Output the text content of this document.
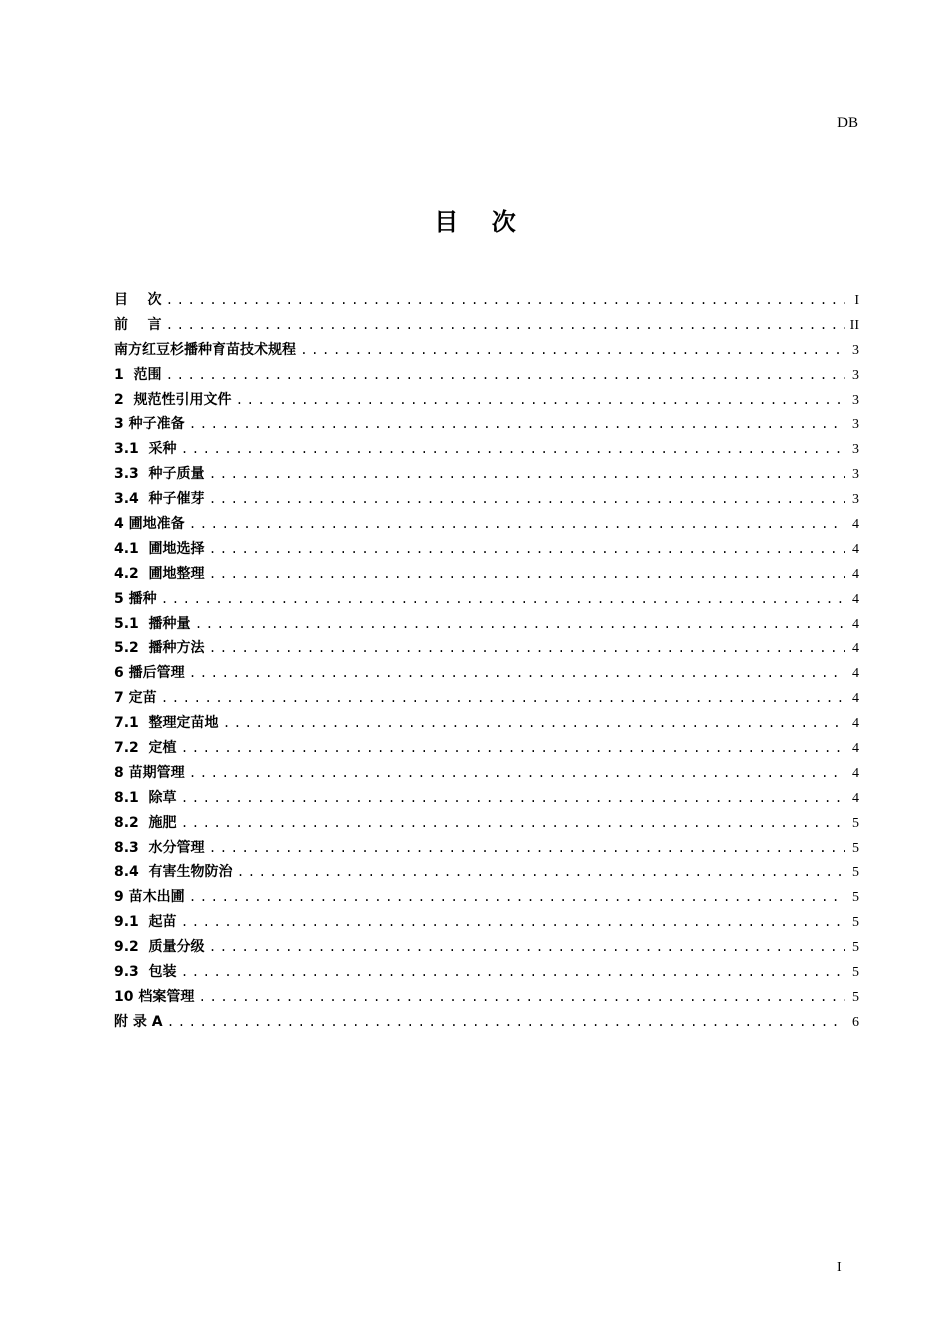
DB
目    次
目    次 .....	I
前    言 .....	II
南方红豆杉播种育苗技术规程 .....	3
1  范围 .....	3
2  规范性引用文件 .....	3
3 种子准备 .....	3
3.1  采种 .....	3
3.3  种子质量 .....	3
3.4  种子催芽 .....	3
4 圃地准备 .....	4
4.1  圃地选择 .....	4
4.2  圃地整理 .....	4
5 播种 .....	4
5.1  播种量 .....	4
5.2  播种方法 .....	4
6 播后管理 .....	4
7 定苗 .....	4
7.1  整理定苗地 .....	4
7.2  定植 .....	4
8 苗期管理 .....	4
8.1  除草 .....	4
8.2  施肥 .....	5
8.3  水分管理 .....	5
8.4  有害生物防治 .....	5
9 苗木出圃 .....	5
9.1  起苗 .....	5
9.2  质量分级 .....	5
9.3  包装 .....	5
10 档案管理 .....	5
附 录 A .....	6
I
